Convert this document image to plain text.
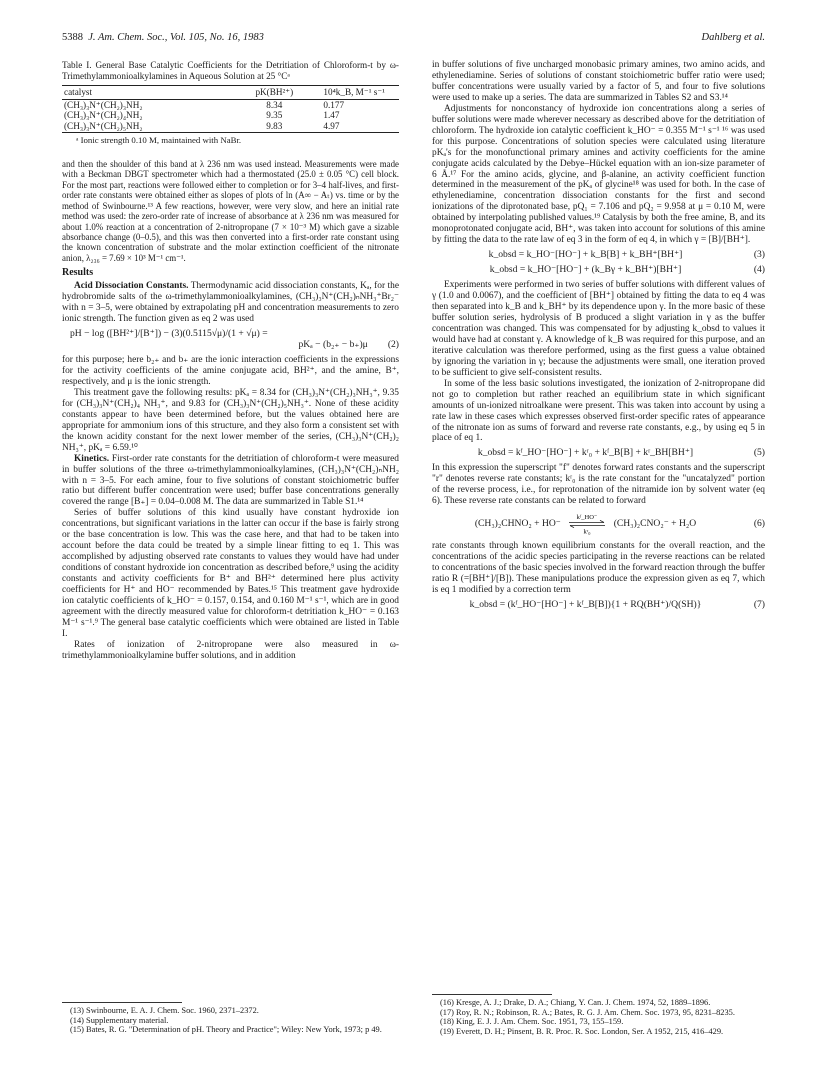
5388 J. Am. Chem. Soc., Vol. 105, No. 16, 1983	Dahlberg et al.
Table I. General Base Catalytic Coefficients for the Detritiation of Chloroform-t by ω-Trimethylammonioalkylamines in Aqueous Solution at 25 °Cᵃ
catalyst	pK(BH²⁺)	10⁴k_B, M⁻¹ s⁻¹
(CH₃)₃N⁺(CH₂)₃NH₂	8.34	0.177
(CH₃)₃N⁺(CH₂)₄NH₂	9.35	1.47
(CH₃)₃N⁺(CH₂)₅NH₂	9.83	4.97
ᵃ Ionic strength 0.10 M, maintained with NaBr.

and then the shoulder of this band at λ 236 nm was used instead. Measurements were made with a Beckman DBGT spectrometer which had a thermostated (25.0 ± 0.05 °C) cell block. For the most part, reactions were followed either to completion or for 3–4 half-lives, and first-order rate constants were obtained either as slopes of plots of ln (A∞ − Aₜ) vs. time or by the method of Swinbourne.¹³ A few reactions, however, were very slow, and here an initial rate method was used: the zero-order rate of increase of absorbance at λ 236 nm was measured for about 1.0% reaction at a concentration of 2-nitropropane (7 × 10⁻³ M) which gave a sizable absorbance change (0–0.5), and this was then converted into a first-order rate constant using the known concentration of substrate and the molar extinction coefficient of the nitronate anion, λ₂₃₆ = 7.69 × 10³ M⁻¹ cm⁻¹.

Results

Acid Dissociation Constants. Thermodynamic acid dissociation constants, Kₐ, for the hydrobromide salts of the ω-trimethylammonioalkylamines, (CH₃)₃N⁺(CH₂)ₙNH₃⁺Br₂⁻ with n = 3–5, were obtained by extrapolating pH and concentration measurements to zero ionic strength. The function given as eq 2 was used

pH − log ([BH²⁺]/[B⁺]) − (3)(0.5115√μ)/(1 + √μ) =
pKₐ − (b₂₊ − b₊)μ	(2)

for this purpose; here b₂₊ and b₊ are the ionic interaction coefficients in the expressions for the activity coefficients of the amine conjugate acid, BH²⁺, and the amine, B⁺, respectively, and μ is the ionic strength.

This treatment gave the following results: pKₐ = 8.34 for (CH₃)₃N⁺(CH₂)₃NH₃⁺, 9.35 for (CH₃)₃N⁺(CH₂)₄ NH₃⁺, and 9.83 for (CH₃)₃N⁺(CH₂)₅NH₃⁺. None of these acidity constants appear to have been determined before, but the values obtained here are appropriate for ammonium ions of this structure, and they also form a consistent set with the known acidity constant for the next lower member of the series, (CH₃)₃N⁺(CH₂)₂ NH₃⁺, pKₐ = 6.59.¹⁰

Kinetics. First-order rate constants for the detritiation of chloroform-t were measured in buffer solutions of the three ω-trimethylammonioalkylamines, (CH₃)₃N⁺(CH₂)ₙNH₂ with n = 3–5. For each amine, four to five solutions of constant stoichiometric buffer ratio but different buffer concentration were used; buffer base concentrations generally covered the range [B₊] = 0.04–0.008 M. The data are summarized in Table S1.¹⁴

Series of buffer solutions of this kind usually have constant hydroxide ion concentrations, but significant variations in the latter can occur if the base is fairly strong or the base concentration is low. This was the case here, and that had to be taken into account before the data could be treated by a simple linear fitting to eq 1. This was accomplished by adjusting observed rate constants to values they would have had under conditions of constant hydroxide ion concentration as described before,⁹ using the acidity constants and activity coefficients for B⁺ and BH²⁺ determined here plus activity coefficients for H⁺ and HO⁻ recommended by Bates.¹⁵ This treatment gave hydroxide ion catalytic coefficients of k_HO⁻ = 0.157, 0.154, and 0.160 M⁻¹ s⁻¹, which are in good agreement with the directly measured value for chloroform-t detritiation k_HO⁻ = 0.163 M⁻¹ s⁻¹.⁹ The general base catalytic coefficients which were obtained are listed in Table I.

Rates of ionization of 2-nitropropane were also measured in ω-trimethylammonioalkylamine buffer solutions, and in addition

(13) Swinbourne, E. A. J. Chem. Soc. 1960, 2371–2372.

(14) Supplementary material.

(15) Bates, R. G. "Determination of pH. Theory and Practice"; Wiley: New York, 1973; p 49.

in buffer solutions of five uncharged monobasic primary amines, two amino acids, and ethylenediamine. Series of solutions of constant stoichiometric buffer ratio were used; buffer concentrations were usually varied by a factor of 5, and four to five solutions were used to make up a series. The data are summarized in Tables S2 and S3.¹⁴

Adjustments for nonconstancy of hydroxide ion concentrations along a series of buffer solutions were made wherever necessary as described above for the detritiation of chloroform. The hydroxide ion catalytic coefficient k_HO⁻ = 0.355 M⁻¹ s⁻¹ ¹⁶ was used for this purpose. Concentrations of solution species were calculated using literature pKₐ's for the monofunctional primary amines and activity coefficients for the amine conjugate acids calculated by the Debye–Hückel equation with an ion-size parameter of 6 Å.¹⁷ For the amino acids, glycine, and β-alanine, an activity coefficient function determined in the measurement of the pKₐ of glycine¹⁸ was used for both. In the case of ethylenediamine, concentration dissociation constants for the first and second ionizations of the diprotonated base, pQ₁ = 7.106 and pQ₂ = 9.958 at μ = 0.10 M, were obtained by interpolating published values.¹⁹ Catalysis by both the free amine, B, and its monoprotonated conjugate acid, BH⁺, was taken into account for solutions of this amine by fitting the data to the rate law of eq 3 in the form of eq 4, in which γ = [B]/[BH⁺].

k_obsd = k_HO⁻[HO⁻] + k_B[B] + k_BH⁺[BH⁺]	(3)
k_obsd = k_HO⁻[HO⁻] + (k_Bγ + k_BH⁺)[BH⁺]	(4)

Experiments were performed in two series of buffer solutions with different values of γ (1.0 and 0.0067), and the coefficient of [BH⁺] obtained by fitting the data to eq 4 was then separated into k_B and k_BH⁺ by its dependence upon γ. In the more basic of these buffer solution series, hydrolysis of B produced a slight variation in γ as the buffer concentration was changed. This was compensated for by adjusting k_obsd to values it would have had at constant γ. A knowledge of k_B was required for this purpose, and an iterative calculation was therefore performed, using as the first guess a value obtained by ignoring the variation in γ; because the adjustments were small, one iteration proved to be sufficient to give self-consistent results.

In some of the less basic solutions investigated, the ionization of 2-nitropropane did not go to completion but rather reached an equilibrium state in which significant amounts of un-ionized nitroalkane were present. This was taken into account by using a rate law in these cases which expresses observed first-order specific rates of appearance of the nitronate ion as sums of forward and reverse rate constants, e.g., by using eq 5 in place of eq 1.

k_obsd = kᶠ_HO⁻[HO⁻] + kʳ₀ + kᶠ_B[B] + kʳ_BH[BH⁺]	(5)

In this expression the superscript "f" denotes forward rates constants and the superscript "r" denotes reverse rate constants; kʳ₀ is the rate constant for the "uncatalyzed" portion of the reverse process, i.e., for reprotonation of the nitramide ion by solvent water (eq 6). These reverse rate constants can be related to forward

(CH₃)₂CHNO₂ + HO⁻
kᶠ_HO⁻
kʳ₀
(CH₃)₂CNO₂⁻ + H₂O	(6)

rate constants through known equilibrium constants for the overall reaction, and the concentrations of the acidic species participating in the reverse reactions can be related to concentrations of the basic species involved in the forward reaction through the buffer ratio R (=[BH⁺]/[B]). These manipulations produce the expression given as eq 7, which is eq 1 modified by a correction term

k_obsd = (kᶠ_HO⁻[HO⁻] + kᶠ_B[B]){1 + RQ(BH⁺)/Q(SH)}	(7)

(16) Kresge, A. J.; Drake, D. A.; Chiang, Y. Can. J. Chem. 1974, 52, 1889–1896.

(17) Roy, R. N.; Robinson, R. A.; Bates, R. G. J. Am. Chem. Soc. 1973, 95, 8231–8235.

(18) King, E. J. J. Am. Chem. Soc. 1951, 73, 155–159.

(19) Everett, D. H.; Pinsent, B. R. Proc. R. Soc. London, Ser. A 1952, 215, 416–429.
